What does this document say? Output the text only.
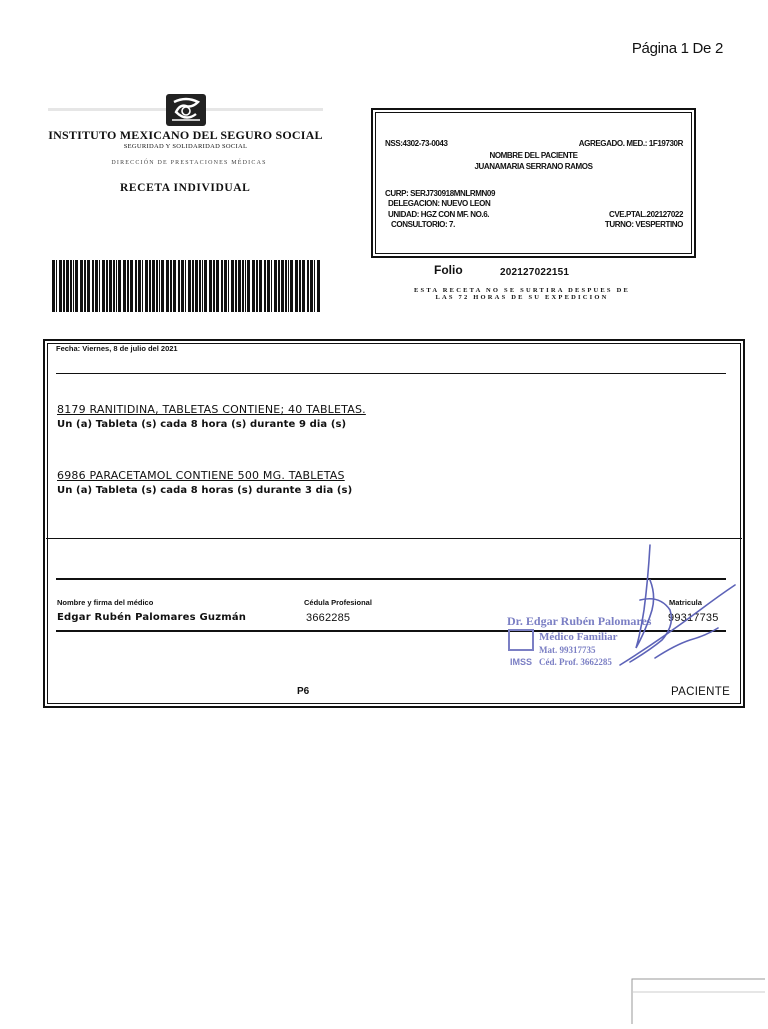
Página 1 De 2
INSTITUTO MEXICANO DEL SEGURO SOCIAL
SEGURIDAD Y SOLIDARIDAD SOCIAL
DIRECCIÓN DE PRESTACIONES MÉDICAS
RECETA INDIVIDUAL
NSS:4302-73-0043	AGREGADO. MED.: 1F19730R
NOMBRE DEL PACIENTE
JUANAMARIA SERRANO RAMOS
CURP: SERJ730918MNLRMN09
DELEGACION: NUEVO LEON
UNIDAD: HGZ CON MF. NO.6.	CVE.PTAL.202127022
CONSULTORIO: 7.	TURNO: VESPERTINO
Folio	202127022151
ESTA RECETA NO SE SURTIRA DESPUES DE LAS 72 HORAS DE SU EXPEDICION
Fecha: Viernes, 8 de julio del 2021
8179 RANITIDINA, TABLETAS CONTIENE; 40 TABLETAS.
Un (a) Tableta (s) cada 8 hora (s) durante 9 dia (s)
6986 PARACETAMOL CONTIENE 500 MG. TABLETAS
Un (a) Tableta (s) cada 8 horas (s) durante 3 dia (s)
Nombre y firma del médico	Cédula Profesional	Matricula
Edgar Rubén Palomares Guzmán	3662285	99317735
Dr. Edgar Rubén Palomares
Médico Familiar
Mat. 99317735
Céd. Prof. 3662285
IMSS
P6	PACIENTE
